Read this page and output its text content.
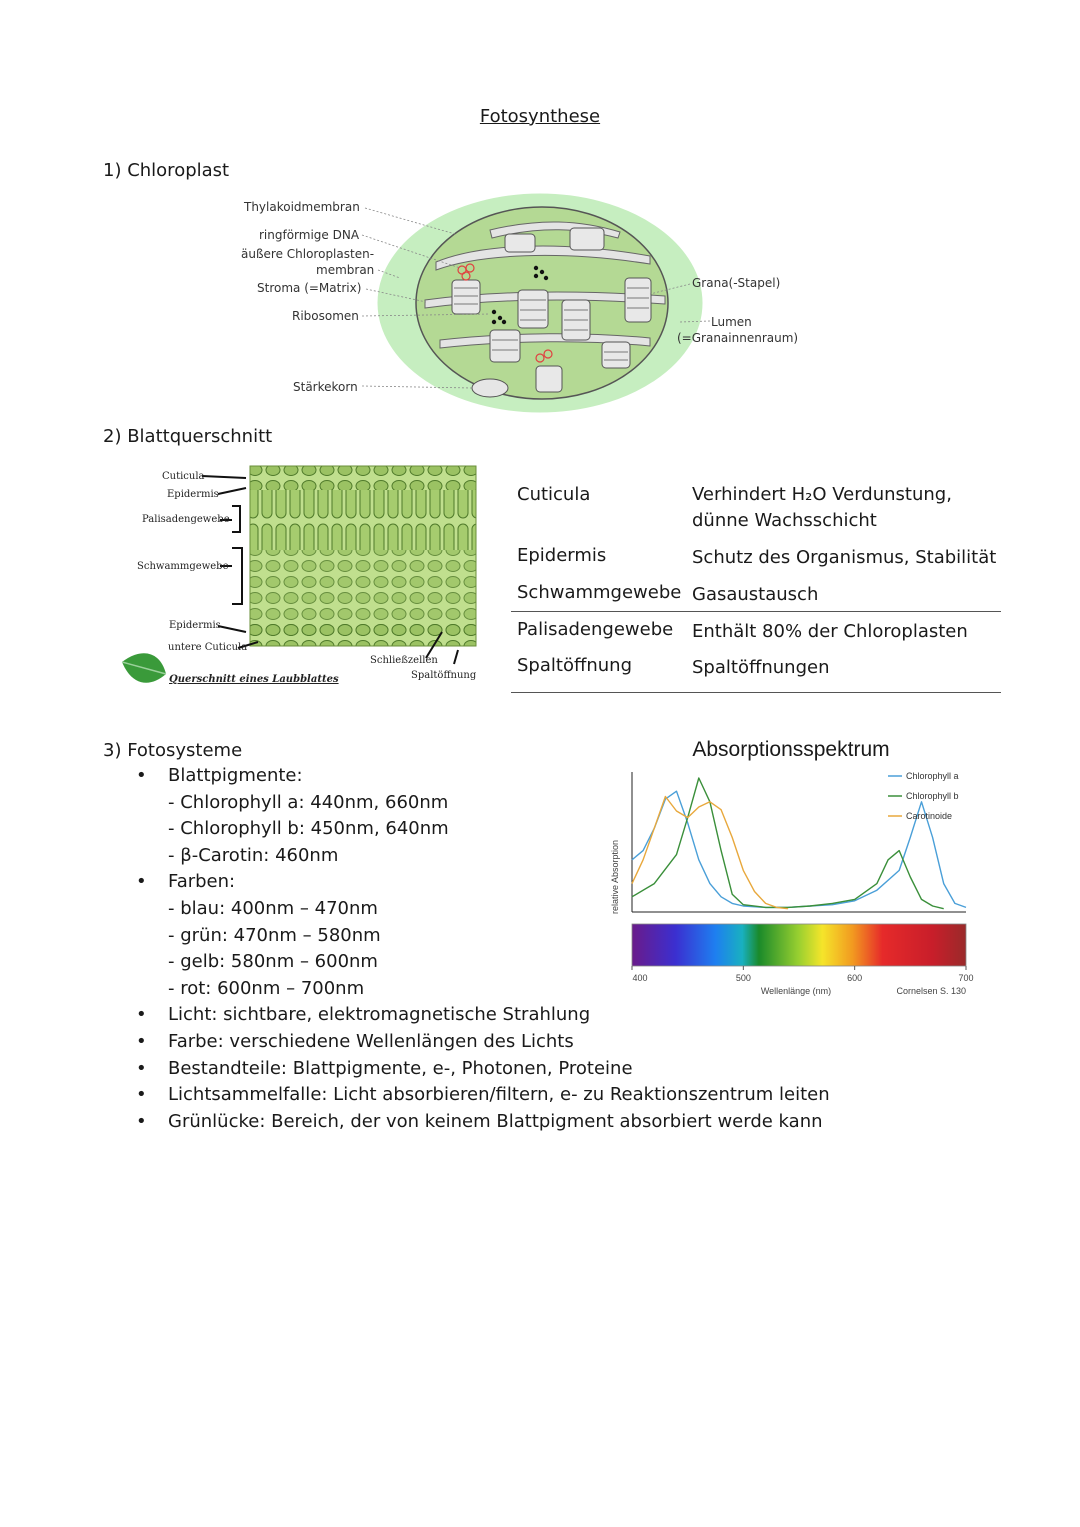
Fotosynthese
1) Chloroplast
Thylakoidmembran
ringförmige DNA
äußere Chloroplasten-
membran
Stroma (=Matrix)
Ribosomen
Stärkekorn
Grana(-Stapel)
Lumen
(=Granainnenraum)
2) Blattquerschnitt
Cuticula
Epidermis
Palisadengewebe
Schwammgewebe
Epidermis
untere Cuticula
Querschnitt eines Laubblattes
Schließzellen
Spaltöffnung
Cuticula	Verhindert H₂O Verdunstung, dünne Wachsschicht
Epidermis	Schutz des Organismus, Stabilität
Schwammgewebe Gasaustausch
Palisadengewebe	Enthält 80% der Chloroplasten
Spaltöffnung	Spaltöffnungen
3) Fotosysteme
• Blattpigmente:
- Chlorophyll a: 440nm, 660nm
- Chlorophyll b: 450nm, 640nm
- β-Carotin: 460nm
• Farben:
- blau: 400nm – 470nm
- grün: 470nm – 580nm
- gelb: 580nm – 600nm
- rot: 600nm – 700nm
• Licht: sichtbare, elektromagnetische Strahlung
• Farbe: verschiedene Wellenlängen des Lichts
• Bestandteile: Blattpigmente, e-, Photonen, Proteine
• Lichtsammelfalle: Licht absorbieren/filtern, e- zu Reaktionszentrum leiten
• Grünlücke: Bereich, der von keinem Blattpigment absorbiert werde kann
Absorptionsspektrum
relative Absorption
400	500	600	700
Chlorophyll a
Chlorophyll b
Carotinoide
Wellenlänge (nm)	Cornelsen S. 130
